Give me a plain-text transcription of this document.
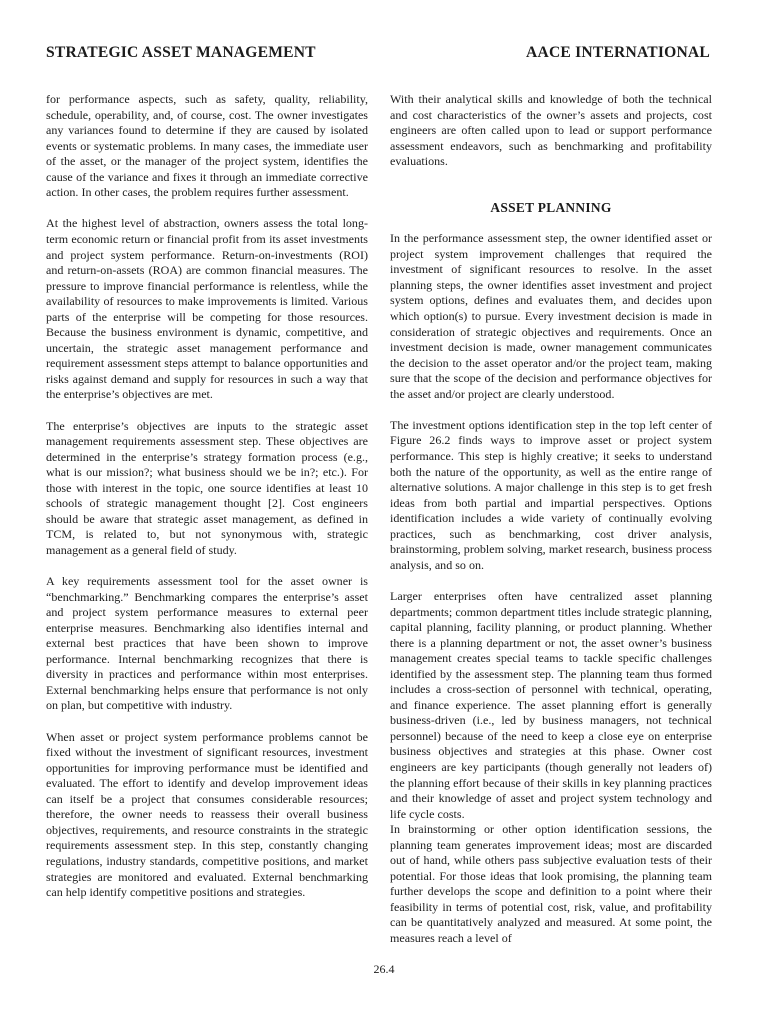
STRATEGIC ASSET MANAGEMENT	AACE INTERNATIONAL

for performance aspects, such as safety, quality, reliability, schedule, operability, and, of course, cost. The owner investigates any variances found to determine if they are caused by isolated events or systematic problems. In many cases, the immediate user of the asset, or the manager of the project system, identifies the cause of the variance and fixes it through an immediate corrective action. In other cases, the problem requires further assessment.

At the highest level of abstraction, owners assess the total long-term economic return or financial profit from its asset investments and project system performance. Return-on-investments (ROI) and return-on-assets (ROA) are common financial measures. The pressure to improve financial performance is relentless, while the availability of resources to make improvements is limited. Various parts of the enterprise will be competing for those resources. Because the business environment is dynamic, competitive, and uncertain, the strategic asset management performance and requirement assessment steps attempt to balance opportunities and risks against demand and supply for resources in such a way that the enterprise’s objectives are met.

The enterprise’s objectives are inputs to the strategic asset management requirements assessment step. These objectives are determined in the enterprise’s strategy formation process (e.g., what is our mission?; what business should we be in?; etc.). For those with interest in the topic, one source identifies at least 10 schools of strategic management thought [2]. Cost engineers should be aware that strategic asset management, as defined in TCM, is related to, but not synonymous with, strategic management as a general field of study.

A key requirements assessment tool for the asset owner is “benchmarking.” Benchmarking compares the enterprise’s asset and project system performance measures to external peer enterprise measures. Benchmarking also identifies internal and external best practices that have been shown to improve performance. Internal benchmarking recognizes that there is diversity in practices and performance within most enterprises. External benchmarking helps ensure that performance is not only on plan, but competitive with industry.

When asset or project system performance problems cannot be fixed without the investment of significant resources, investment opportunities for improving performance must be identified and evaluated. The effort to identify and develop improvement ideas can itself be a project that consumes considerable resources; therefore, the owner needs to reassess their overall business objectives, requirements, and resource constraints in the strategic requirements assessment step. In this step, constantly changing regulations, industry standards, competitive positions, and market strategies are monitored and evaluated. External benchmarking can help identify competitive positions and strategies.

With their analytical skills and knowledge of both the technical and cost characteristics of the owner’s assets and projects, cost engineers are often called upon to lead or support performance assessment endeavors, such as benchmarking and profitability evaluations.

ASSET PLANNING

In the performance assessment step, the owner identified asset or project system improvement challenges that required the investment of significant resources to resolve. In the asset planning steps, the owner identifies asset investment and project system options, defines and evaluates them, and decides upon which option(s) to pursue. Every investment decision is made in consideration of strategic objectives and requirements. Once an investment decision is made, owner management communicates the decision to the asset operator and/or the project team, making sure that the scope of the decision and performance objectives for the asset and/or project are clearly understood.

The investment options identification step in the top left center of Figure 26.2 finds ways to improve asset or project system performance. This step is highly creative; it seeks to understand both the nature of the opportunity, as well as the entire range of alternative solutions. A major challenge in this step is to get fresh ideas from both partial and impartial perspectives. Options identification includes a wide variety of continually evolving practices, such as benchmarking, cost driver analysis, brainstorming, problem solving, market research, business process analysis, and so on.

Larger enterprises often have centralized asset planning departments; common department titles include strategic planning, capital planning, facility planning, or product planning. Whether there is a planning department or not, the asset owner’s business management creates special teams to tackle specific challenges identified by the assessment step. The planning team thus formed includes a cross-section of personnel with technical, operating, and finance experience. The asset planning effort is generally business-driven (i.e., led by business managers, not technical personnel) because of the need to keep a close eye on enterprise business objectives and strategies at this phase. Owner cost engineers are key participants (though generally not leaders of) the planning effort because of their skills in key planning practices and their knowledge of asset and project system technology and life cycle costs.

In brainstorming or other option identification sessions, the planning team generates improvement ideas; most are discarded out of hand, while others pass subjective evaluation tests of their potential. For those ideas that look promising, the planning team further develops the scope and definition to a point where their feasibility in terms of potential cost, risk, value, and profitability can be quantitatively analyzed and measured. At some point, the measures reach a level of

26.4
